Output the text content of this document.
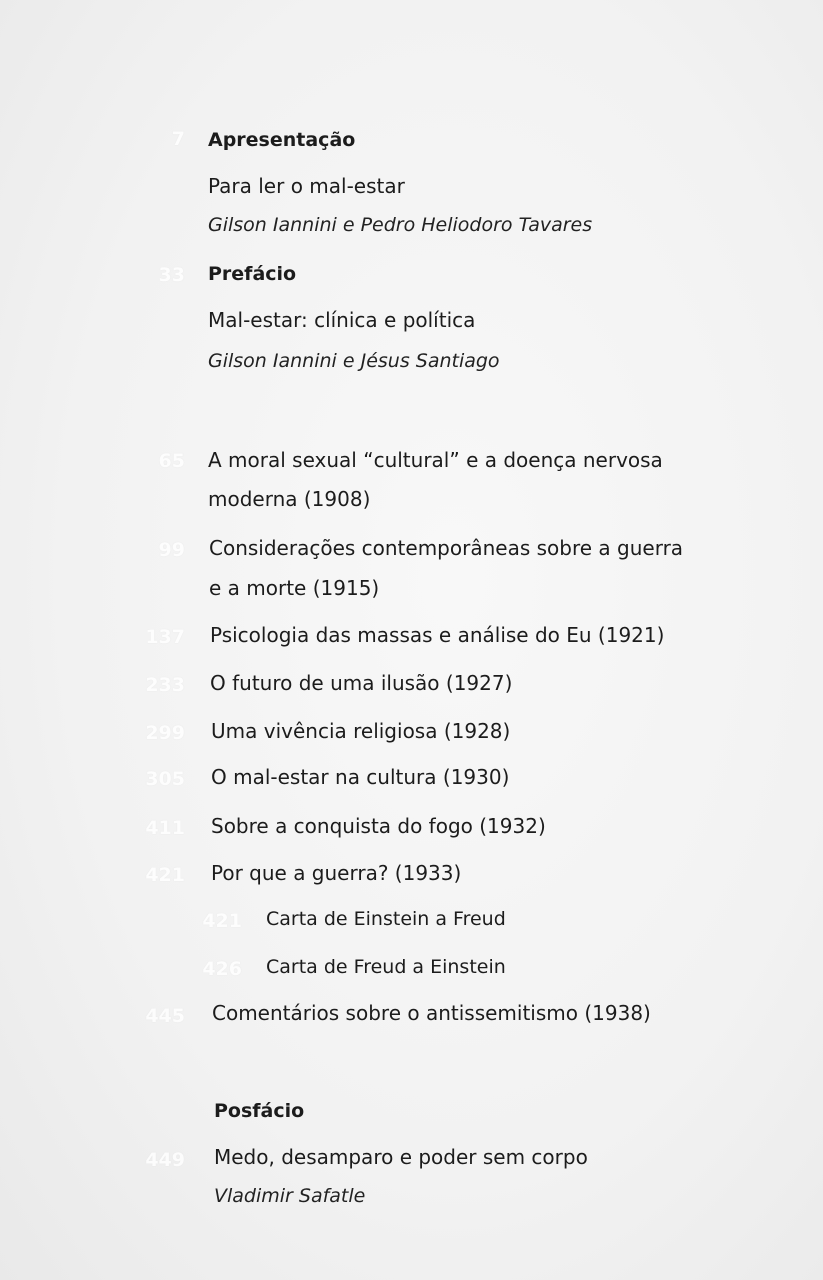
7 Apresentação
Para ler o mal-estar
Gilson Iannini e Pedro Heliodoro Tavares
33 Prefácio
Mal-estar: clínica e política
Gilson Iannini e Jésus Santiago
65 A moral sexual “cultural” e a doença nervosa
moderna (1908)
99 Considerações contemporâneas sobre a guerra
e a morte (1915)
137 Psicologia das massas e análise do Eu (1921)
233 O futuro de uma ilusão (1927)
299 Uma vivência religiosa (1928)
305 O mal-estar na cultura (1930)
411 Sobre a conquista do fogo (1932)
421 Por que a guerra? (1933)
421 Carta de Einstein a Freud
426 Carta de Freud a Einstein
445 Comentários sobre o antissemitismo (1938)
Posfácio
449 Medo, desamparo e poder sem corpo
Vladimir Safatle
